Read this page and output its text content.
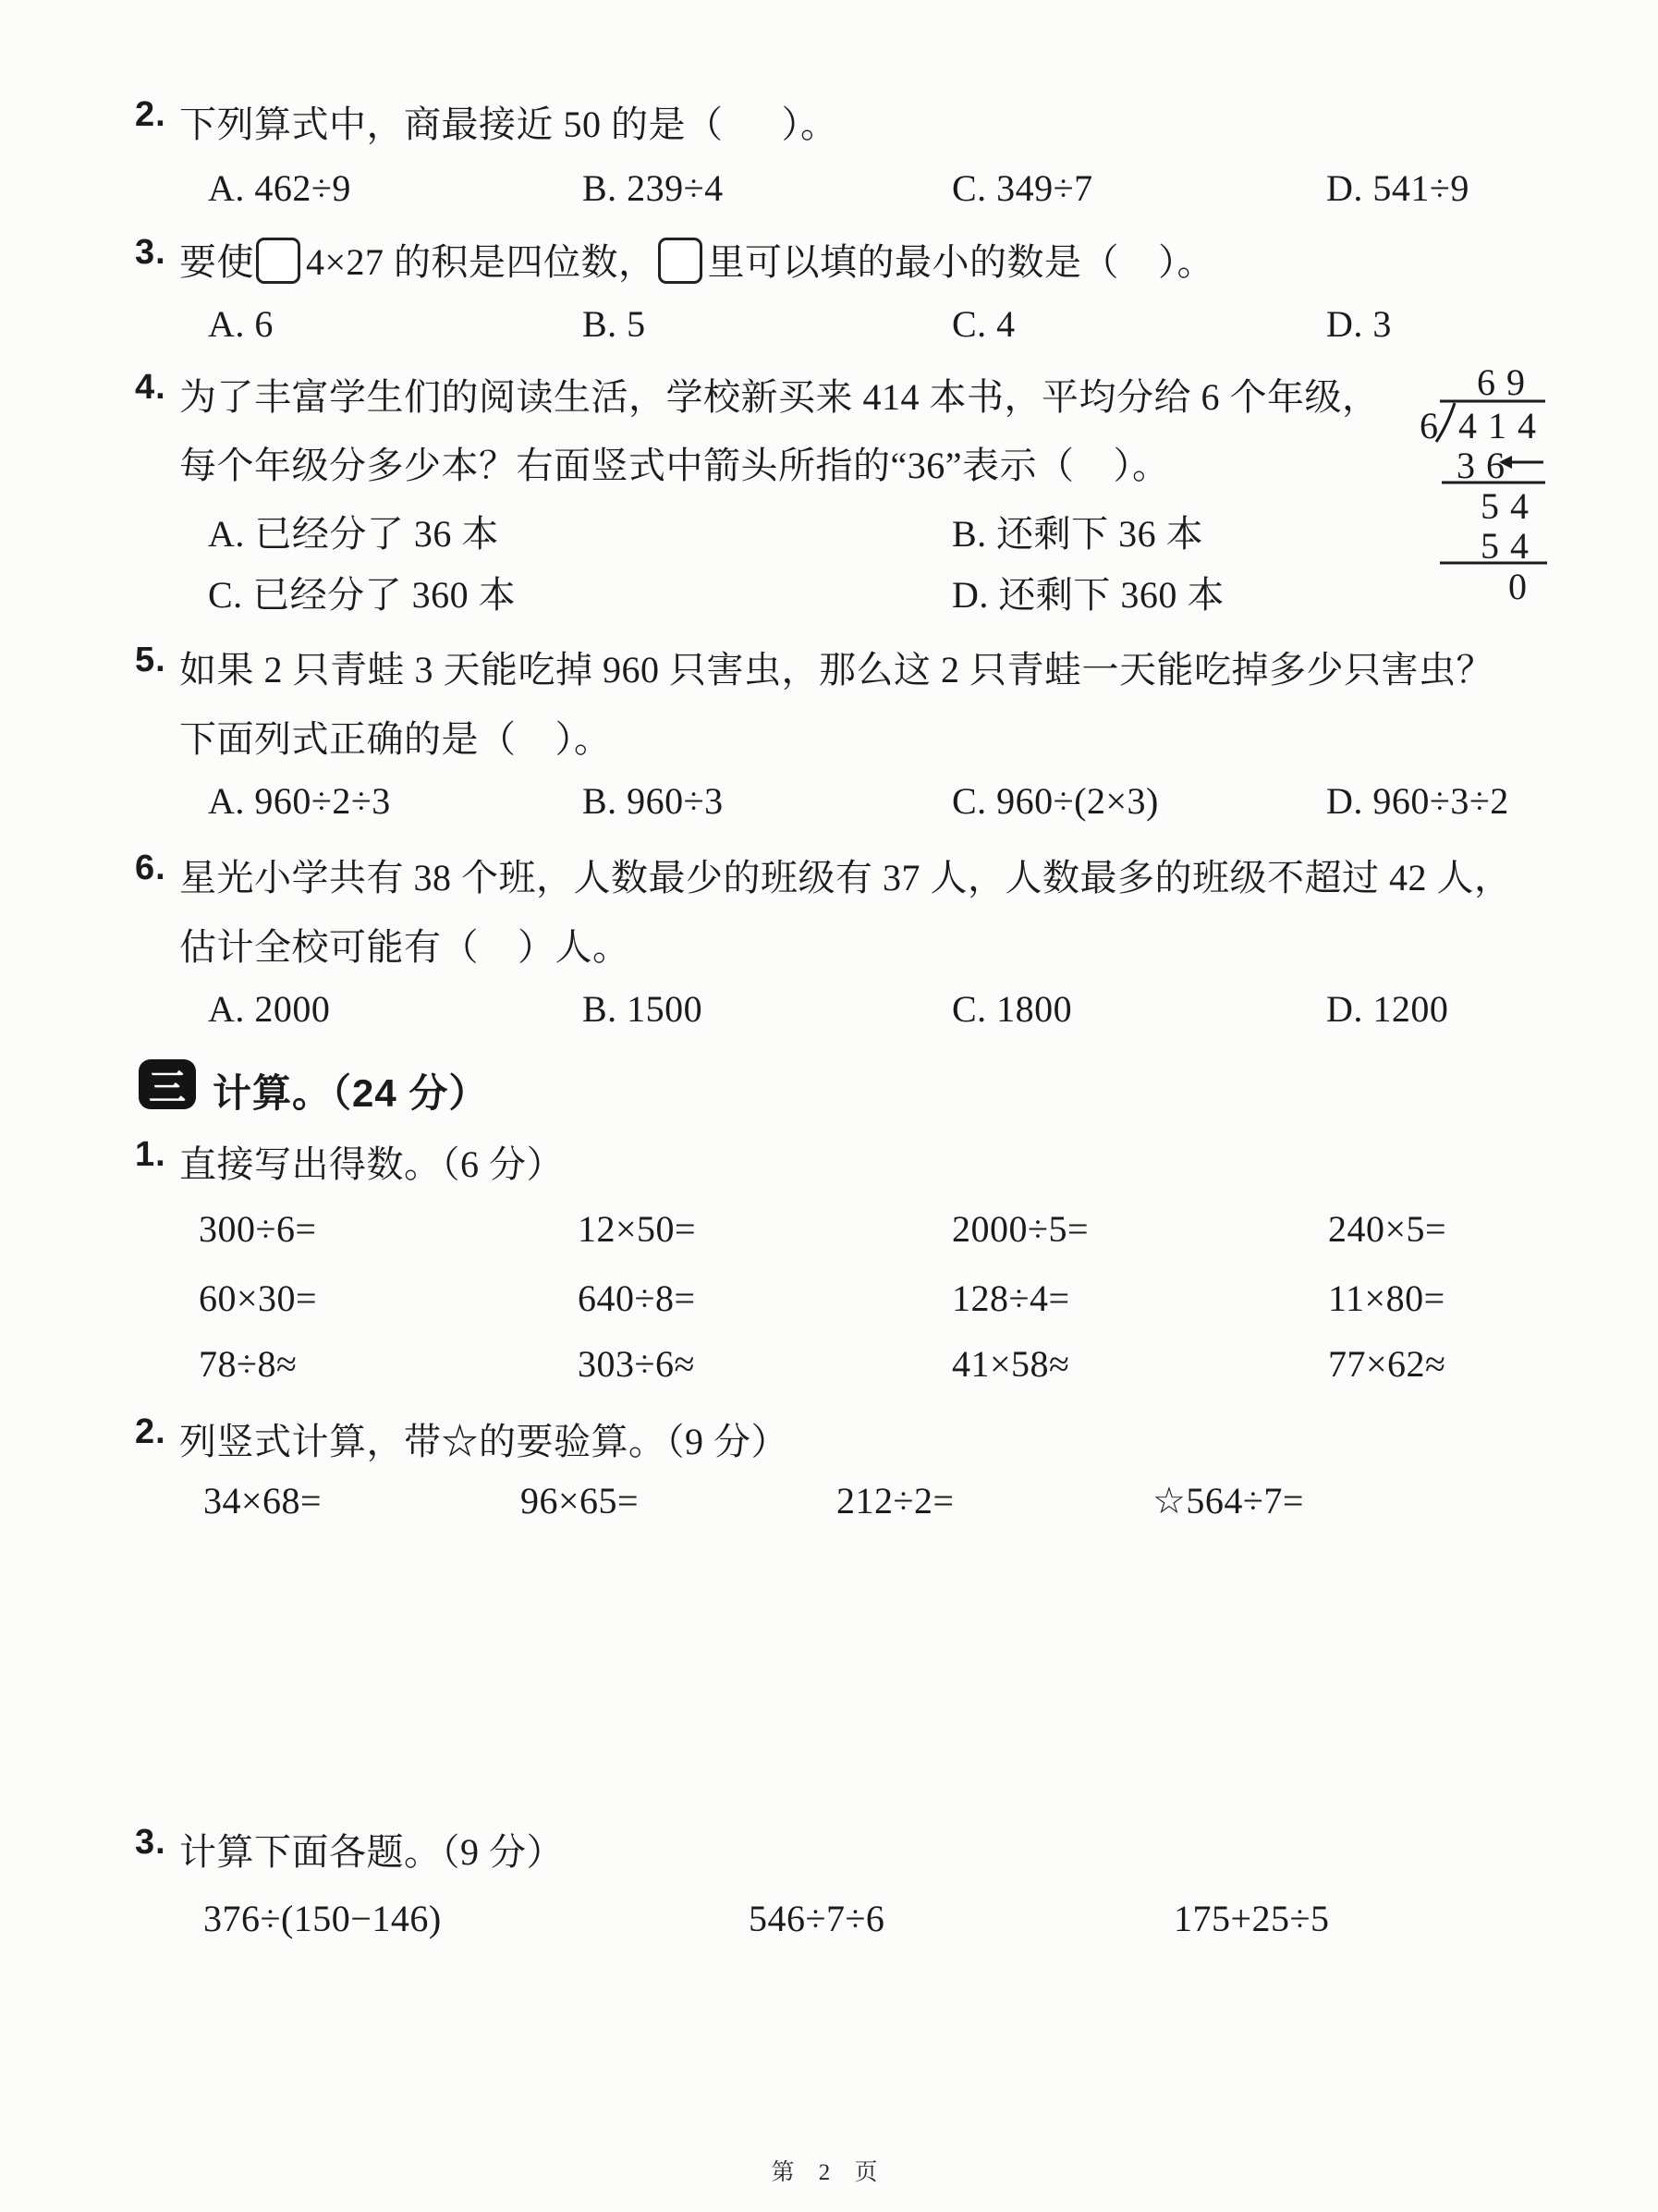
2. 下列算式中，商最接近 50 的是（      ）。
A. 462÷9	B. 239÷4	C. 349÷7	D. 541÷9
3. 要使 4×27 的积是四位数， 里可以填的最小的数是（    ）。
A. 6	B. 5	C. 4	D. 3
4. 为了丰富学生们的阅读生活，学校新买来 414 本书，平均分给 6 个年级，
每个年级分多少本？右面竖式中箭头所指的“36”表示（    ）。
A. 已经分了 36 本	B. 还剩下 36 本
C. 已经分了 360 本	D. 还剩下 360 本
69
6 414
36
54
54
0
5. 如果 2 只青蛙 3 天能吃掉 960 只害虫，那么这 2 只青蛙一天能吃掉多少只害虫？
下面列式正确的是（    ）。
A. 960÷2÷3	B. 960÷3	C. 960÷(2×3)	D. 960÷3÷2
6. 星光小学共有 38 个班，人数最少的班级有 37 人，人数最多的班级不超过 42 人，
估计全校可能有（    ）人。
A. 2000	B. 1500	C. 1800	D. 1200
三 计算。（24 分）
1. 直接写出得数。（6 分）
300÷6=	12×50=	2000÷5=	240×5=
60×30=	640÷8=	128÷4=	11×80=
78÷8≈	303÷6≈	41×58≈	77×62≈
2. 列竖式计算，带☆的要验算。（9 分）
34×68=	96×65=	212÷2=	☆564÷7=
3. 计算下面各题。（9 分）
376÷(150−146)	546÷7÷6	175+25÷5
第 2 页
